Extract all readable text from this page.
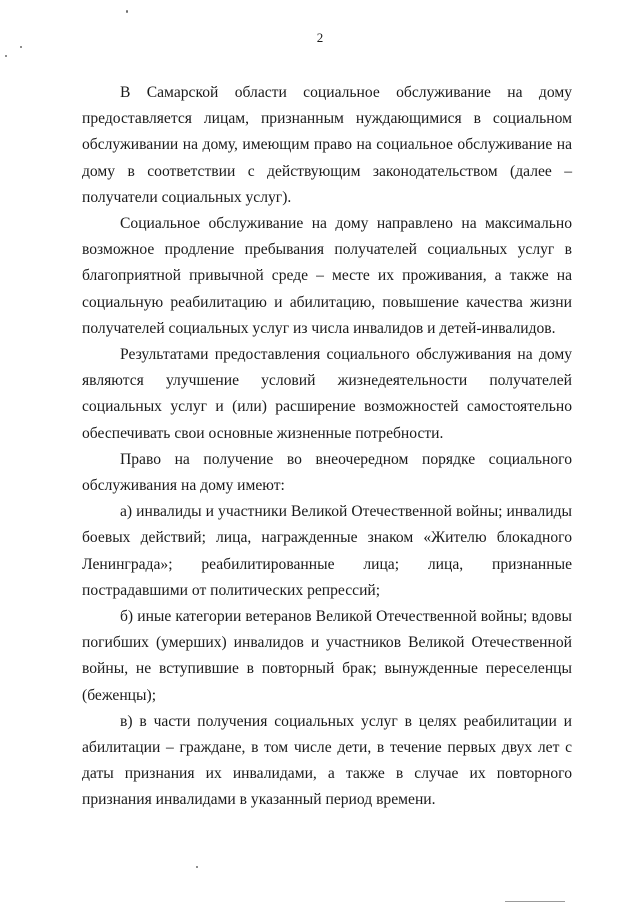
2

В Самарской области социальное обслуживание на дому предоставляется лицам, признанным нуждающимися в социальном обслуживании на дому, имеющим право на социальное обслуживание на дому в соответствии с действующим законодательством (далее – получатели социальных услуг).

Социальное обслуживание на дому направлено на максимально возможное продление пребывания получателей социальных услуг в благоприятной привычной среде – месте их проживания, а также на социальную реабилитацию и абилитацию, повышение качества жизни получателей социальных услуг из числа инвалидов и детей-инвалидов.

Результатами предоставления социального обслуживания на дому являются улучшение условий жизнедеятельности получателей социальных услуг и (или) расширение возможностей самостоятельно обеспечивать свои основные жизненные потребности.

Право на получение во внеочередном порядке социального обслуживания на дому имеют:

а) инвалиды и участники Великой Отечественной войны; инвалиды боевых действий; лица, награжденные знаком «Жителю блокадного Ленинграда»; реабилитированные лица; лица, признанные пострадавшими от политических репрессий;

б) иные категории ветеранов Великой Отечественной войны; вдовы погибших (умерших) инвалидов и участников Великой Отечественной войны, не вступившие в повторный брак; вынужденные переселенцы (беженцы);

в) в части получения социальных услуг в целях реабилитации и абилитации – граждане, в том числе дети, в течение первых двух лет с даты признания их инвалидами, а также в случае их повторного признания инвалидами в указанный период времени.
